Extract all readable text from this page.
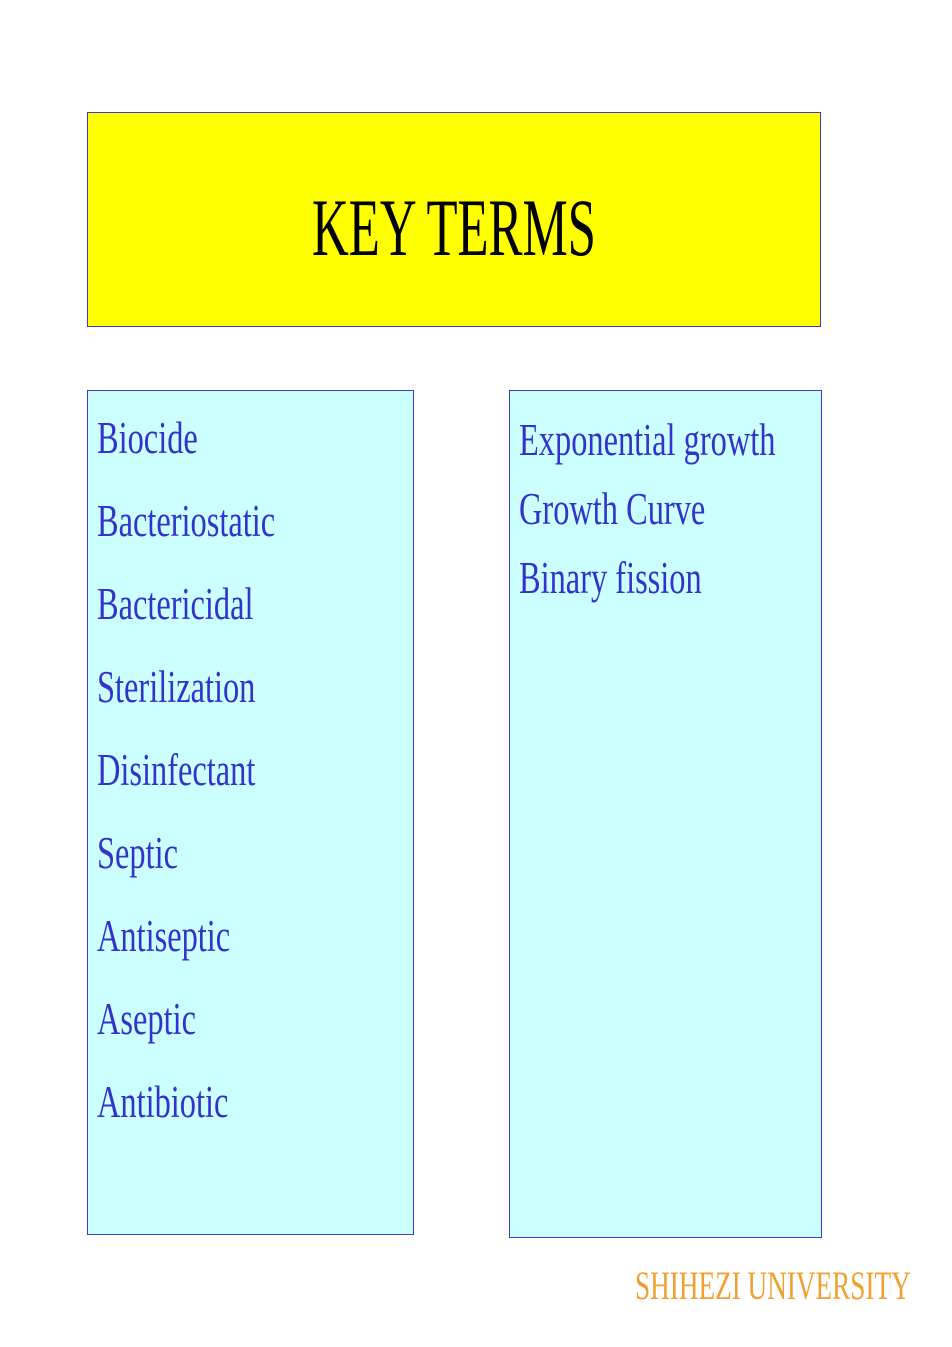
KEY TERMS
Biocide
Bacteriostatic
Bactericidal
Sterilization
Disinfectant
Septic
Antiseptic
Aseptic
Antibiotic
Exponential growth
Growth Curve
Binary fission
SHIHEZI UNIVERSITY
